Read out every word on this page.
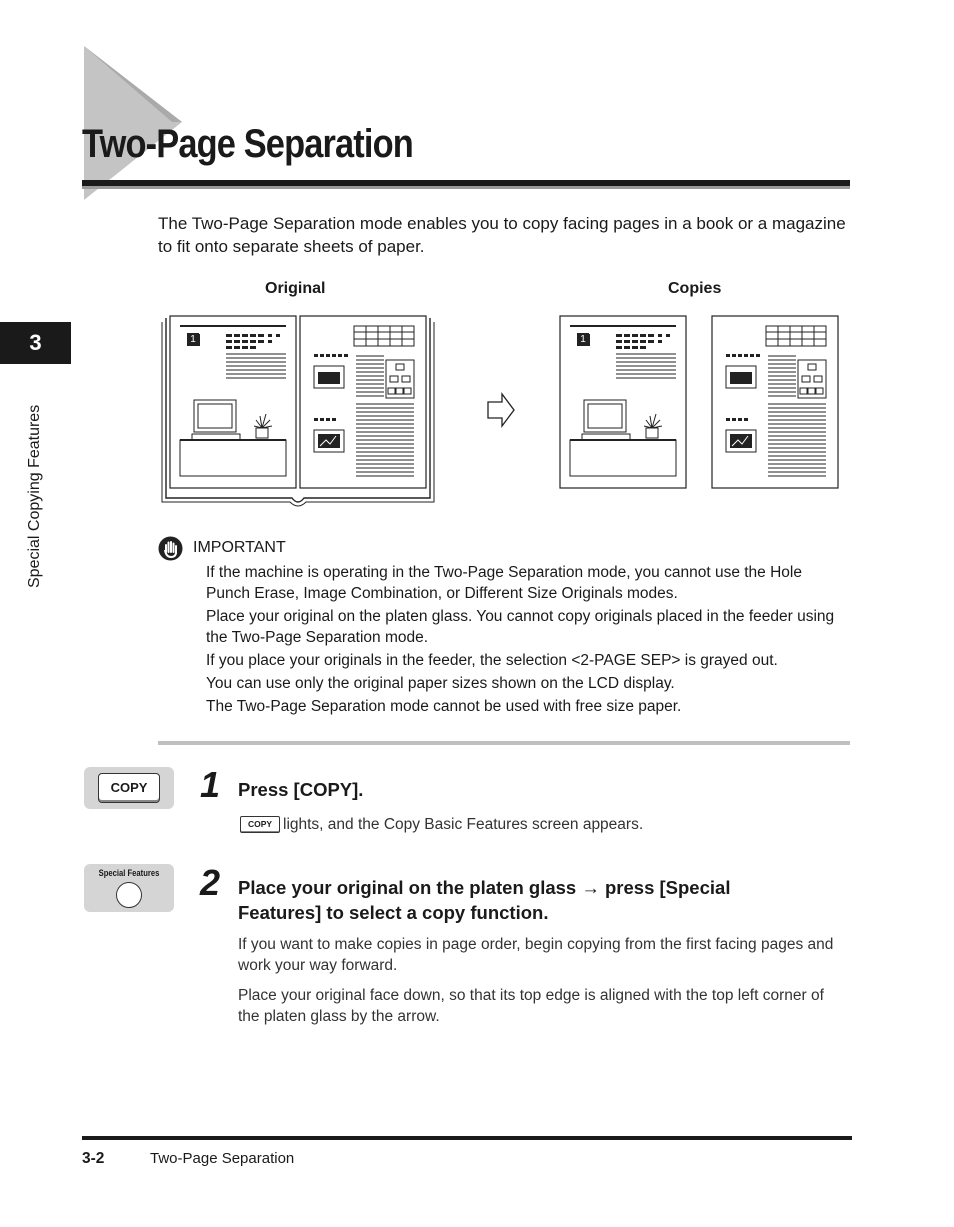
Two-Page Separation
The Two-Page Separation mode enables you to copy facing pages in a book or a magazine to fit onto separate sheets of paper.
3
Special Copying Features
Original	Copies
1	1
IMPORTANT

If the machine is operating in the Two-Page Separation mode, you cannot use the Hole Punch Erase, Image Combination, or Different Size Originals modes.

Place your original on the platen glass. You cannot copy originals placed in the feeder using the Two-Page Separation mode.

If you place your originals in the feeder, the selection <2-PAGE SEP> is grayed out.

You can use only the original paper sizes shown on the LCD display.

The Two-Page Separation mode cannot be used with free size paper.

COPY	1 Press [COPY].
COPY lights, and the Copy Basic Features screen appears.
Special Features 2 Place your original on the platen glass → press [Special
Features] to select a copy function.
If you want to make copies in page order, begin copying from the first facing pages and work your way forward.
Place your original face down, so that its top edge is aligned with the top left corner of the platen glass by the arrow.
3-2	Two-Page Separation
